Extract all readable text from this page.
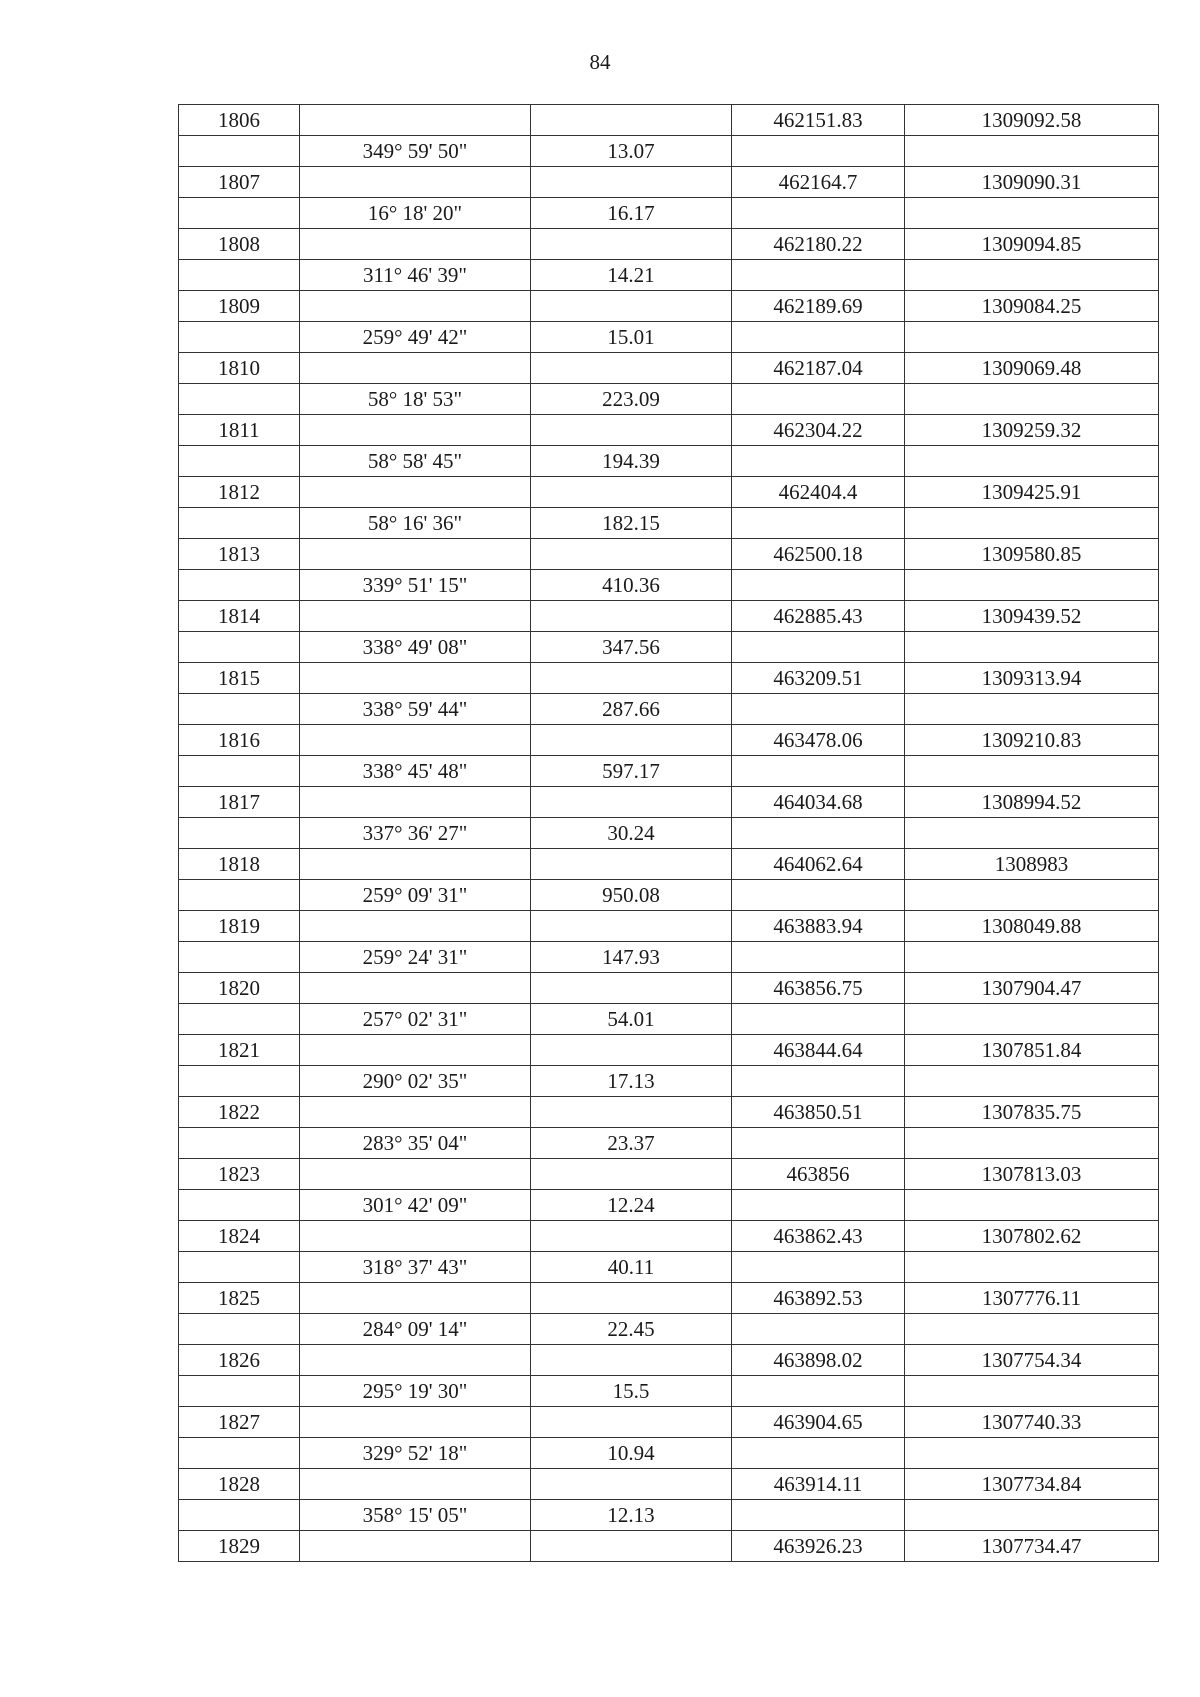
84
1806			462151.83	1309092.58
	349° 59' 50"	13.07		
1807			462164.7	1309090.31
	16° 18' 20"	16.17		
1808			462180.22	1309094.85
	311° 46' 39"	14.21		
1809			462189.69	1309084.25
	259° 49' 42"	15.01		
1810			462187.04	1309069.48
	58° 18' 53"	223.09		
1811			462304.22	1309259.32
	58° 58' 45"	194.39		
1812			462404.4	1309425.91
	58° 16' 36"	182.15		
1813			462500.18	1309580.85
	339° 51' 15"	410.36		
1814			462885.43	1309439.52
	338° 49' 08"	347.56		
1815			463209.51	1309313.94
	338° 59' 44"	287.66		
1816			463478.06	1309210.83
	338° 45' 48"	597.17		
1817			464034.68	1308994.52
	337° 36' 27"	30.24		
1818			464062.64	1308983
	259° 09' 31"	950.08		
1819			463883.94	1308049.88
	259° 24' 31"	147.93		
1820			463856.75	1307904.47
	257° 02' 31"	54.01		
1821			463844.64	1307851.84
	290° 02' 35"	17.13		
1822			463850.51	1307835.75
	283° 35' 04"	23.37		
1823			463856	1307813.03
	301° 42' 09"	12.24		
1824			463862.43	1307802.62
	318° 37' 43"	40.11		
1825			463892.53	1307776.11
	284° 09' 14"	22.45		
1826			463898.02	1307754.34
	295° 19' 30"	15.5		
1827			463904.65	1307740.33
	329° 52' 18"	10.94		
1828			463914.11	1307734.84
	358° 15' 05"	12.13		
1829			463926.23	1307734.47
